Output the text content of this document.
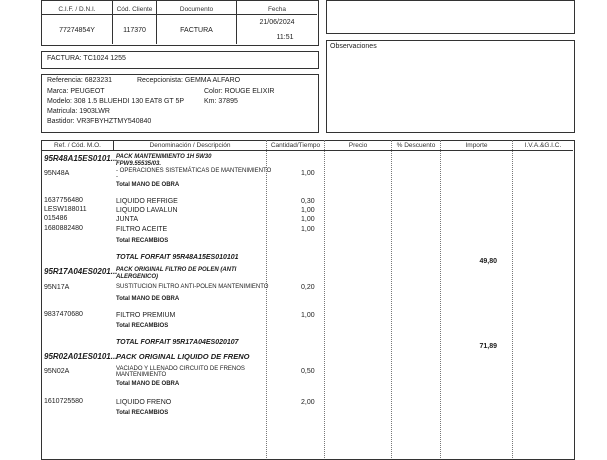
C.I.F. / D.N.I.	Cód. Cliente	Documento	Fecha
77274854Y	117370	FACTURA
21/06/2024
11:51
Observaciones
FACTURA: TC1024 1255
Referencia: 6823231	Recepcionista: GEMMA ALFARO
Marca: PEUGEOT	Color: ROUGE ELIXIR
Modelo: 308 1.5 BLUEHDI 130 EAT8 GT 5P	Km: 37895
Matricula: 1903LWR
Bastidor: VR3FBYHZTMY540840
Ref. / Cód. M.O.	Denominación / Descripción	Cantidad/Tiempo	Precio	% Descuento	Importe	I.V.A.&G.I.C.
95R48A15ES0101...
PACK MANTENIMIENTO 1H 5W30
FPW9.55535/03.
95N48A	- OPERACIONES SISTEMÁTICAS DE MANTENIMIENTO
-	1,00
Total MANO DE OBRA
1637756480	LIQUIDO REFRIGE	0,30
LESW188011	LIQUIDO LAVALUN	1,00
015486	JUNTA	1,00
1680882480	FILTRO ACEITE	1,00
Total RECAMBIOS
TOTAL FORFAIT 95R48A15ES010101
49,80
95R17A04ES0201...
PACK ORIGINAL FILTRO DE POLEN (ANTI
ALERGENICO)
95N17A	SUSTITUCION FILTRO ANTI-POLEN MANTENIMIENTO	0,20
Total MANO DE OBRA
9837470680	FILTRO PREMIUM	1,00
Total RECAMBIOS
TOTAL FORFAIT 95R17A04ES020107
71,89
95R02A01ES0101...
PACK ORIGINAL LIQUIDO DE FRENO
95N02A	VACIADO Y LLENADO CIRCUITO DE FRENOS
MANTENIMIENTO	0,50
Total MANO DE OBRA
1610725580	LIQUIDO FRENO	2,00
Total RECAMBIOS
